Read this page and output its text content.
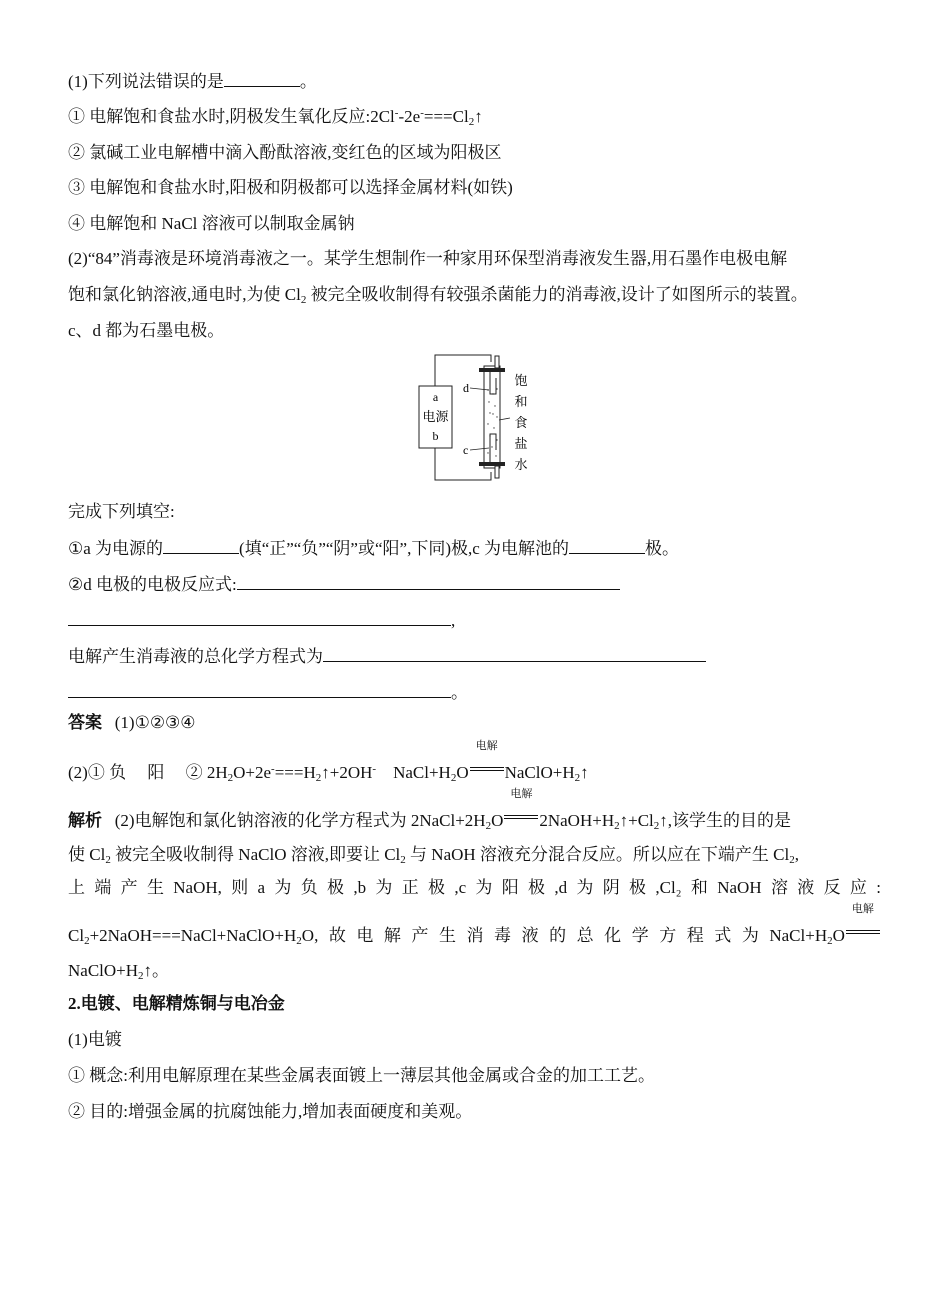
(1)下列说法错误的是	。
① 电解饱和食盐水时,阴极发生氧化反应$:2Cl^--2e^-===Cl_2↑$
② 氯碱工业电解槽中滴入酚酞溶液,变红色的区域为阳极区
③ 电解饱和食盐水时,阳极和阴极都可以选择金属材料(如铁)
④ 电解饱和 NaCl 溶液可以制取金属钠
(2)“84”消毒液是环境消毒液之一。某学生想制作一种家用环保型消毒液发生器,用石墨作电极电解
饱和氯化钠溶液,通电时,为使 $Cl_2$ 被完全吸收制得有较强杀菌能力的消毒液,设计了如图所示的装置。
c、d 都为石墨电极。
a
电源
b
d
c
饱
和
食
盐
水
完成下列填空:
①a 为电源的	(填“正”“负”“阴”或“阳”,下同)极,c 为电解池的	极。
②d 电极的电极反应式:
,
电解产生消毒液的总化学方程式为
。
答案 (1)①②③④
(2)① 负　 阳　 ② $2H_2O+2e^-===H_2↑+2OH^-$　$NaCl+H_2O$
电解
$NaClO+H_2↑$
解析 (2)电解饱和氯化钠溶液的化学方程式为 $2NaCl+2H_2O$
电解
$2NaOH+H_2↑+Cl_2↑$,该学生的目的是
使 $Cl_2$ 被完全吸收制得 NaClO 溶液,即要让 $Cl_2$ 与 NaOH 溶液充分混合反应。所以应在下端产生 $Cl_2$,
上 端 产 生 NaOH, 则 a 为 负 极 ,b 为 正 极 ,c 为 阳 极 ,d 为 阴 极 ,Cl₂ 和 NaOH 溶 液 反 应 :
$Cl_2+2NaOH===NaCl+NaClO+H_2O$, 故 电 解 产 生 消 毒 液 的 总 化 学 方 程 式 为 $NaCl+H_2O$
电解
$NaClO+H_2↑$。
2.电镀、电解精炼铜与电冶金
(1)电镀
① 概念:利用电解原理在某些金属表面镀上一薄层其他金属或合金的加工工艺。
② 目的:增强金属的抗腐蚀能力,增加表面硬度和美观。
